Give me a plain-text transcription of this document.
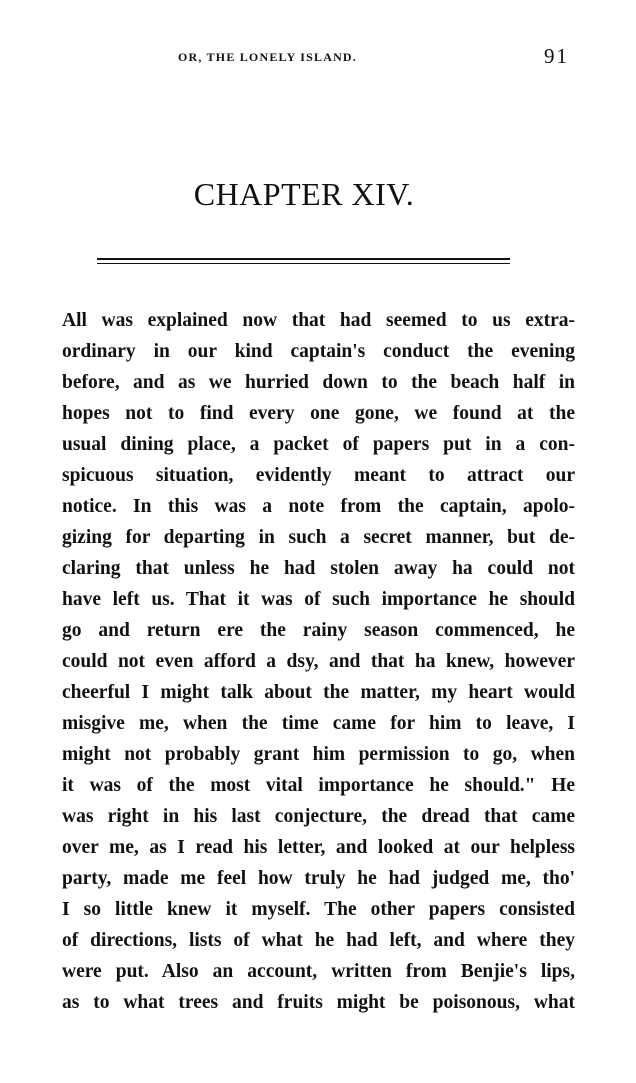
OR, THE LONELY ISLAND.	91
CHAPTER XIV.
All was explained now that had seemed to us extra-
ordinary in our kind captain's conduct the evening
before, and as we hurried down to the beach half in
hopes not to find every one gone, we found at the
usual dining place, a packet of papers put in a con-
spicuous situation, evidently meant to attract our
notice. In this was a note from the captain, apolo-
gizing for departing in such a secret manner, but de-
claring that unless he had stolen away ha could not
have left us. That it was of such importance he should
go and return ere the rainy season commenced, he
could not even afford a dsy, and that ha knew, however
cheerful I might talk about the matter, my heart would
misgive me, when the time came for him to leave, I
might not probably grant him permission to go, when
it was of the most vital importance he should." He
was right in his last conjecture, the dread that came
over me, as I read his letter, and looked at our helpless
party, made me feel how truly he had judged me, tho'
I so little knew it myself. The other papers consisted
of directions, lists of what he had left, and where they
were put. Also an account, written from Benjie's lips,
as to what trees and fruits might be poisonous, what
